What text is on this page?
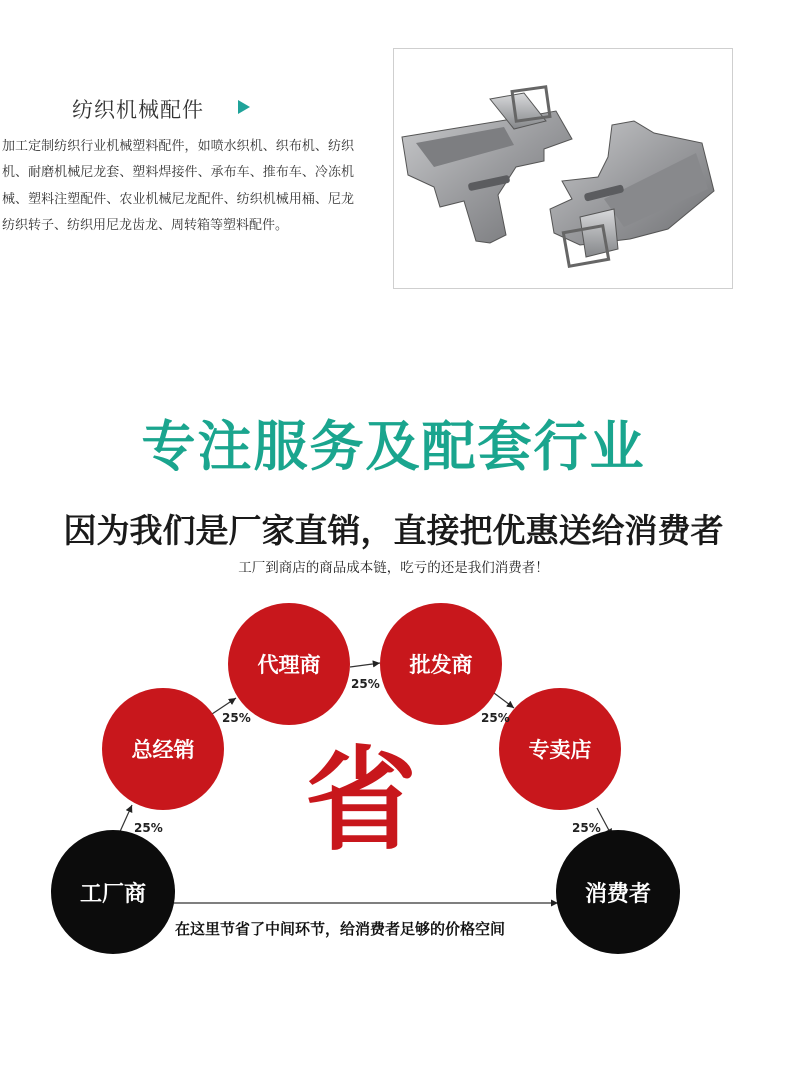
纺织机械配件
加工定制纺织行业机械塑料配件，如喷水织机、织布机、纺织机、耐磨机械尼龙套、塑料焊接件、承布车、推布车、冷冻机械、塑料注塑配件、农业机械尼龙配件、纺织机械用桶、尼龙纺织转子、纺织用尼龙齿龙、周转箱等塑料配件。
专注服务及配套行业
因为我们是厂家直销，直接把优惠送给消费者
工厂到商店的商品成本链，吃亏的还是我们消费者！
工厂商
总经销
代理商	批发商
专卖店
消费者
25%
25%
25%
25%
25%
省
在这里节省了中间环节，给消费者足够的价格空间
